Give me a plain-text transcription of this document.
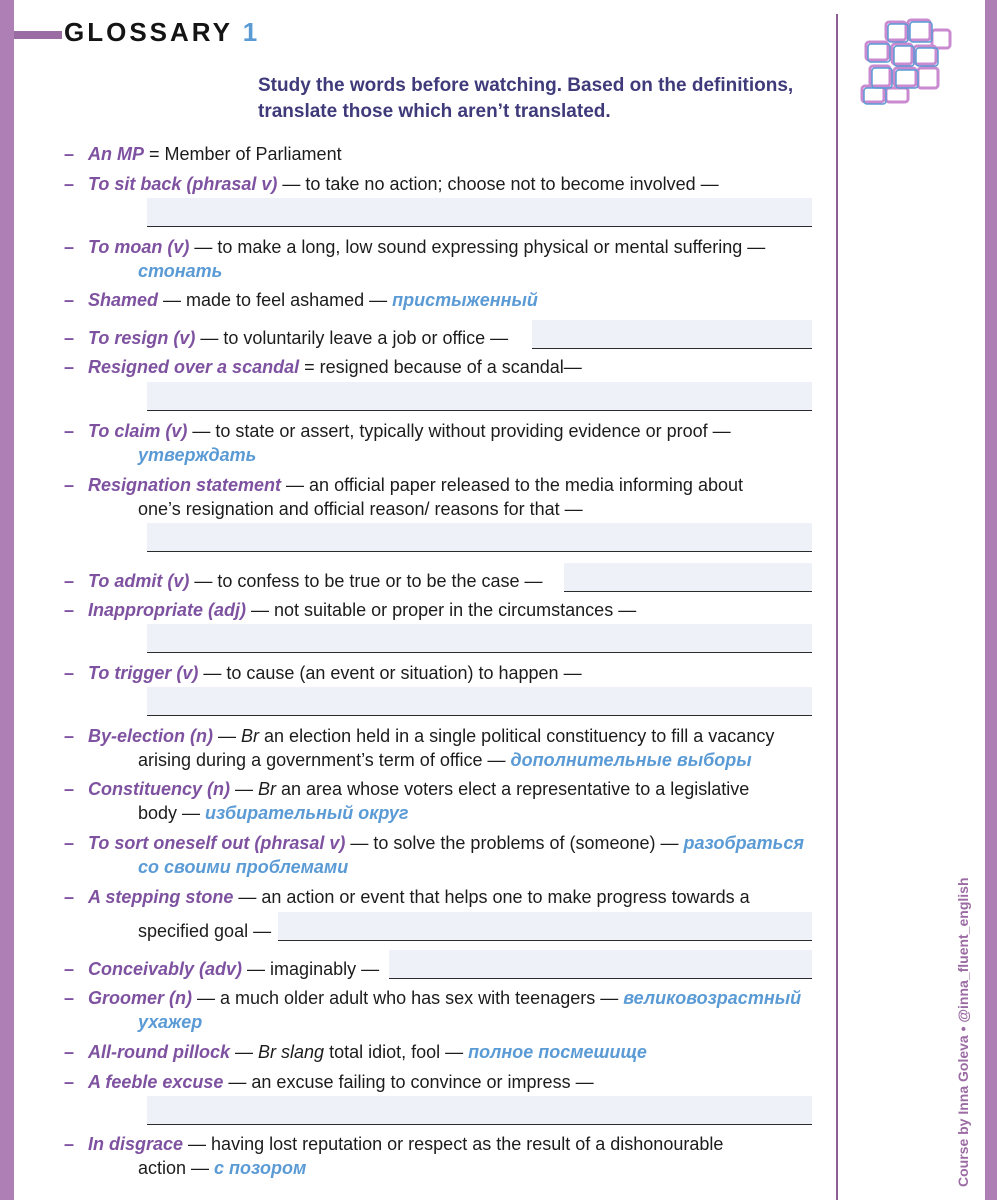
GLOSSARY 1
Study the words before watching. Based on the definitions, translate those which aren’t translated.
Course by Inna Goleva • @inna_fluent_english
– An MP = Member of Parliament
– To sit back (phrasal v) — to take no action; choose not to become involved —
– To moan (v) — to make a long, low sound expressing physical or mental suffering —
стонать
– Shamed — made to feel ashamed — пристыженный
– To resign (v) — to voluntarily leave a job or office —
– Resigned over a scandal = resigned because of a scandal—
– To claim (v) — to state or assert, typically without providing evidence or proof —
утверждать
– Resignation statement — an official paper released to the media informing about
one’s resignation and official reason/ reasons for that —
– To admit (v) — to confess to be true or to be the case —
– Inappropriate (adj) — not suitable or proper in the circumstances —
– To trigger (v) — to cause (an event or situation) to happen —
– By-election (n) — Br an election held in a single political constituency to fill a vacancy
arising during a government’s term of office — дополнительные выборы
– Constituency (n) — Br an area whose voters elect a representative to a legislative
body — избирательный округ
– To sort oneself out (phrasal v) — to solve the problems of (someone) — разобраться
со своими проблемами
– A stepping stone — an action or event that helps one to make progress towards a
specified goal —
– Conceivably (adv) — imaginably —
– Groomer (n) — a much older adult who has sex with teenagers — великовозрастный
ухажер
– All-round pillock — Br slang total idiot, fool — полное посмешище
– A feeble excuse — an excuse failing to convince or impress —
– In disgrace — having lost reputation or respect as the result of a dishonourable
action — с позором
